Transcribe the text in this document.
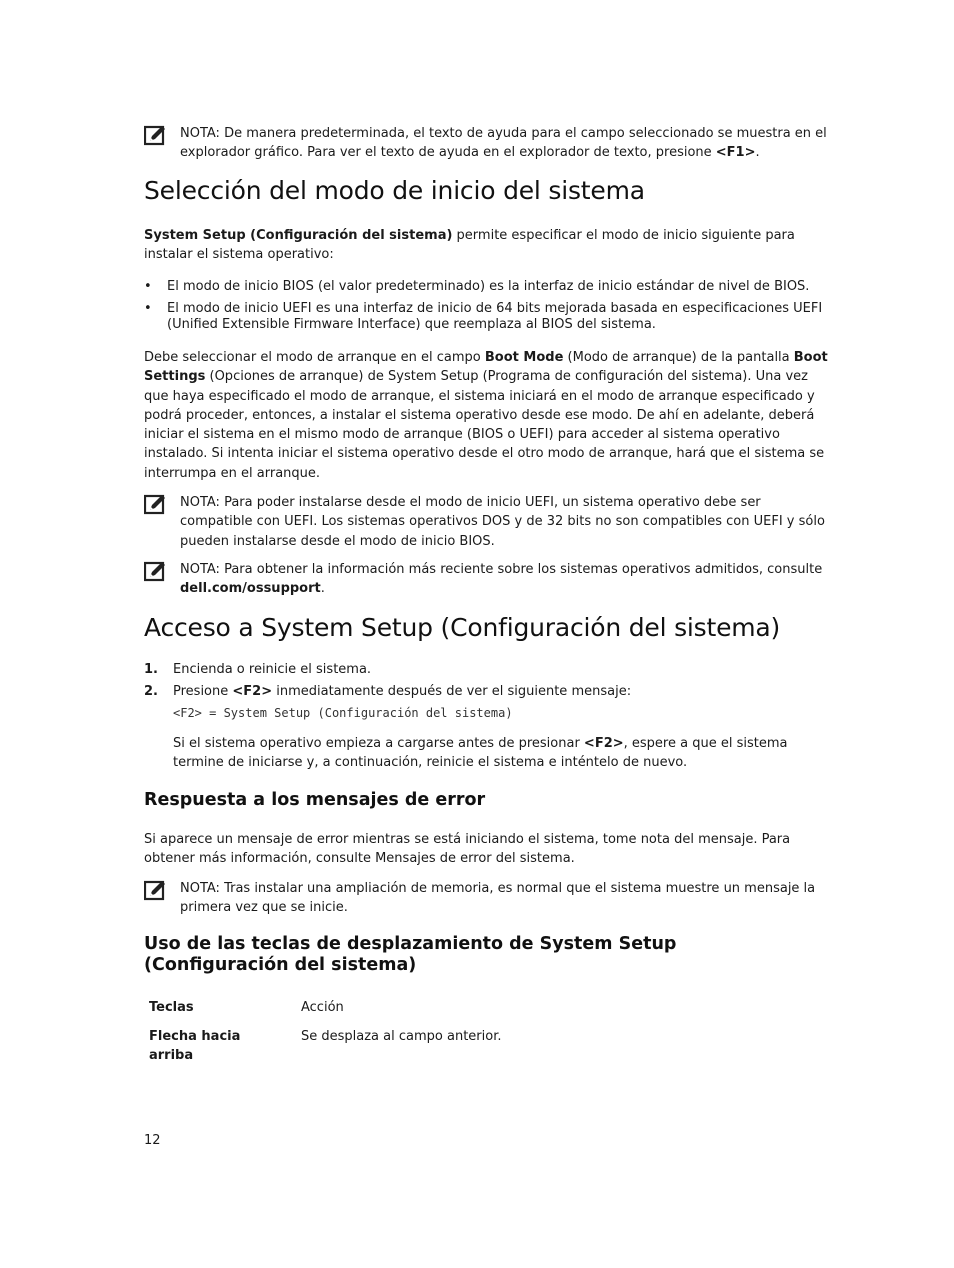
NOTA: De manera predeterminada, el texto de ayuda para el campo seleccionado se muestra en el explorador gráfico. Para ver el texto de ayuda en el explorador de texto, presione <F1>.
Selección del modo de inicio del sistema

System Setup (Configuración del sistema) permite especificar el modo de inicio siguiente para instalar el sistema operativo:

• El modo de inicio BIOS (el valor predeterminado) es la interfaz de inicio estándar de nivel de BIOS.
• El modo de inicio UEFI es una interfaz de inicio de 64 bits mejorada basada en especificaciones UEFI (Unified Extensible Firmware Interface) que reemplaza al BIOS del sistema.

Debe seleccionar el modo de arranque en el campo Boot Mode (Modo de arranque) de la pantalla Boot Settings (Opciones de arranque) de System Setup (Programa de configuración del sistema). Una vez que haya especificado el modo de arranque, el sistema iniciará en el modo de arranque especificado y podrá proceder, entonces, a instalar el sistema operativo desde ese modo. De ahí en adelante, deberá iniciar el sistema en el mismo modo de arranque (BIOS o UEFI) para acceder al sistema operativo instalado. Si intenta iniciar el sistema operativo desde el otro modo de arranque, hará que el sistema se interrumpa en el arranque.

NOTA: Para poder instalarse desde el modo de inicio UEFI, un sistema operativo debe ser compatible con UEFI. Los sistemas operativos DOS y de 32 bits no son compatibles con UEFI y sólo pueden instalarse desde el modo de inicio BIOS.
NOTA: Para obtener la información más reciente sobre los sistemas operativos admitidos, consulte dell.com/ossupport.
Acceso a System Setup (Configuración del sistema)
1. Encienda o reinicie el sistema.
2. Presione <F2> inmediatamente después de ver el siguiente mensaje:
<F2> = System Setup (Configuración del sistema)

Si el sistema operativo empieza a cargarse antes de presionar <F2>, espere a que el sistema termine de iniciarse y, a continuación, reinicie el sistema e inténtelo de nuevo.

Respuesta a los mensajes de error

Si aparece un mensaje de error mientras se está iniciando el sistema, tome nota del mensaje. Para obtener más información, consulte Mensajes de error del sistema.

NOTA: Tras instalar una ampliación de memoria, es normal que el sistema muestre un mensaje la primera vez que se inicie.
Uso de las teclas de desplazamiento de System Setup (Configuración del sistema)
Teclas	Acción
Flecha hacia arriba	Se desplaza al campo anterior.
12
